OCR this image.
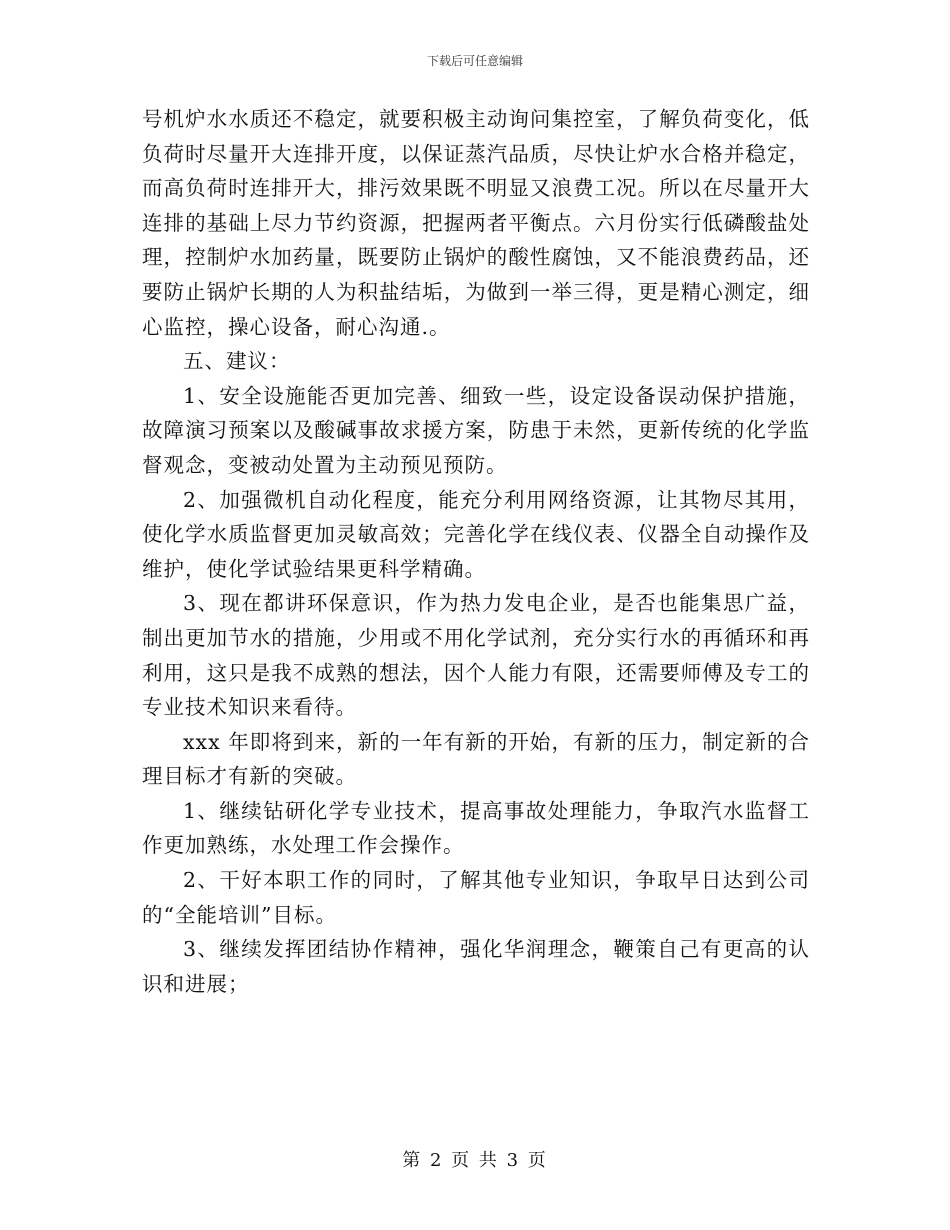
下载后可任意编辑

号机炉水水质还不稳定，就要积极主动询问集控室，了解负荷变化，低负荷时尽量开大连排开度，以保证蒸汽品质，尽快让炉水合格并稳定，而高负荷时连排开大，排污效果既不明显又浪费工况。所以在尽量开大连排的基础上尽力节约资源，把握两者平衡点。六月份实行低磷酸盐处理，控制炉水加药量，既要防止锅炉的酸性腐蚀，又不能浪费药品，还要防止锅炉长期的人为积盐结垢，为做到一举三得，更是精心测定，细心监控，操心设备，耐心沟通.。

五、建议：

1、安全设施能否更加完善、细致一些，设定设备误动保护措施，故障演习预案以及酸碱事故求援方案，防患于未然，更新传统的化学监督观念，变被动处置为主动预见预防。

2、加强微机自动化程度，能充分利用网络资源，让其物尽其用，使化学水质监督更加灵敏高效；完善化学在线仪表、仪器全自动操作及维护，使化学试验结果更科学精确。

3、现在都讲环保意识，作为热力发电企业，是否也能集思广益，制出更加节水的措施，少用或不用化学试剂，充分实行水的再循环和再利用，这只是我不成熟的想法，因个人能力有限，还需要师傅及专工的专业技术知识来看待。

xxx 年即将到来，新的一年有新的开始，有新的压力，制定新的合理目标才有新的突破。

1、继续钻研化学专业技术，提高事故处理能力，争取汽水监督工作更加熟练，水处理工作会操作。

2、干好本职工作的同时，了解其他专业知识，争取早日达到公司的“全能培训”目标。

3、继续发挥团结协作精神，强化华润理念，鞭策自己有更高的认识和进展；

第 2 页 共 3 页
